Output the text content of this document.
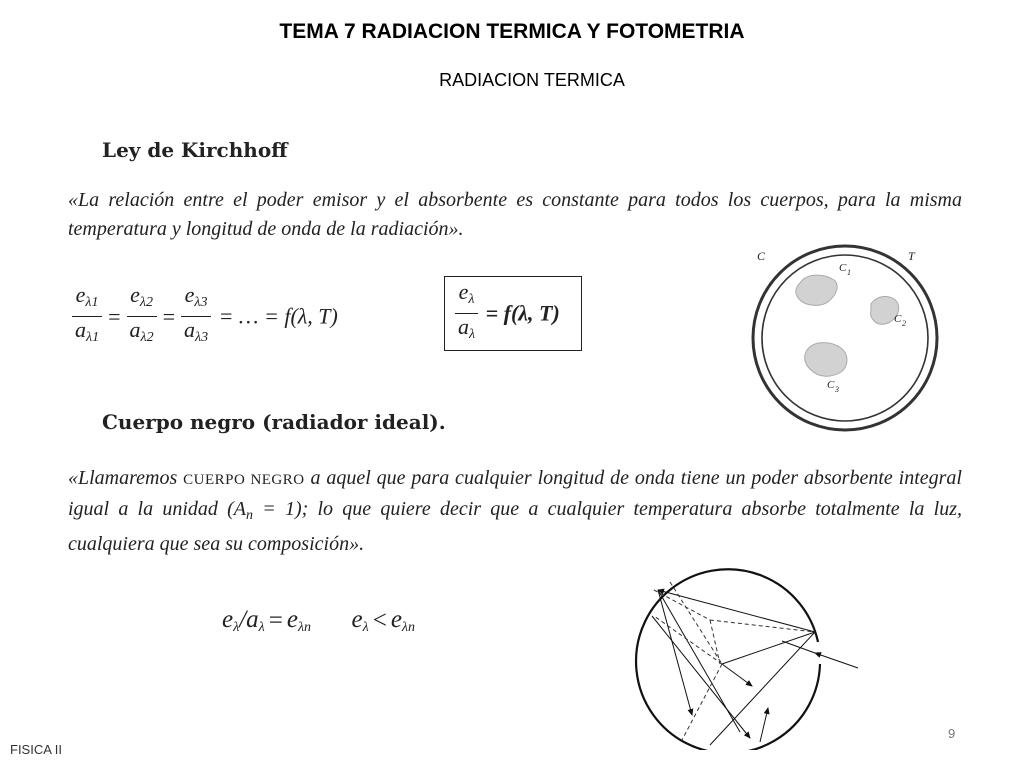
TEMA 7 RADIACION TERMICA Y FOTOMETRIA
RADIACION TERMICA
Ley de Kirchhoff
«La relación entre el poder emisor y el absorbente es constante para todos los cuerpos, para la misma temperatura y longitud de onda de la radiación».
$\frac{e_{\lambda 1}}{a_{\lambda 1}} = \frac{e_{\lambda 2}}{a_{\lambda 2}} = \frac{e_{\lambda 3}}{a_{\lambda 3}}$ = … = f(λ, T)	$\frac{e_\lambda}{a_\lambda} = f(\lambda$, T)
C	T
C 1
C 2
C 3
Cuerpo negro (radiador ideal).
«Llamaremos CUERPO NEGRO a aquel que para cualquier longitud de onda tiene un poder absorbente integral igual a la unidad $(A_n = 1)$; lo que quiere decir que a cualquier temperatura absorbe totalmente la luz, cualquiera que sea su composición».
$e_\lambda/a_\lambda = e_{\lambda n}$  $e_\lambda < e_{\lambda n}$
FISICA II
9
